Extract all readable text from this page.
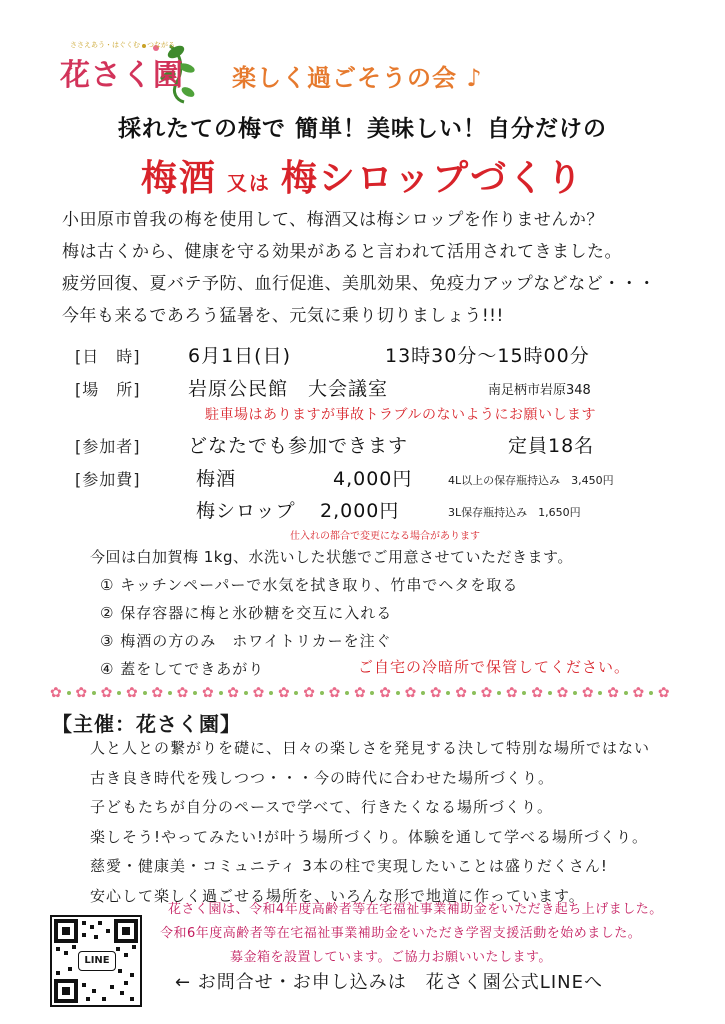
ささえあう・はぐくむ・つながる
花さく園 楽しく過ごそうの会 ♪
採れたての梅で 簡単！美味しい！自分だけの
梅酒 又は 梅シロップづくり
小田原市曽我の梅を使用して、梅酒又は梅シロップを作りませんか？
梅は古くから、健康を守る効果があると言われて活用されてきました。
疲労回復、夏バテ予防、血行促進、美肌効果、免疫力アップなどなど・・・
今年も来るであろう猛暑を、元気に乗り切りましょう!!!
[日　時]	6月1日(日)	13時30分～15時00分
[場　所]	岩原公民館　大会議室	南足柄市岩原348
駐車場はありますが事故トラブルのないようにお願いします
[参加者]	どなたでも参加できます	定員18名
[参加費]	梅酒	4,000円	4L以上の保存瓶持込み　3,450円
梅シロップ 2,000円	3L保存瓶持込み　1,650円
仕入れの都合で変更になる場合があります
今回は白加賀梅 1kg、水洗いした状態でご用意させていただきます。
① キッチンペーパーで水気を拭き取り、竹串でヘタを取る
② 保存容器に梅と氷砂糖を交互に入れる
③ 梅酒の方のみ　ホワイトリカーを注ぐ
④ 蓋をしてできあがり	ご自宅の冷暗所で保管してください。
✿ ✿ ✿ ✿ ✿ ✿ ✿ ✿ ✿ ✿ ✿ ✿ ✿ ✿ ✿ ✿ ✿ ✿ ✿ ✿ ✿ ✿ ✿ ✿ ✿
【主催：花さく園】
人と人との繋がりを礎に、日々の楽しさを発見する決して特別な場所ではない
古き良き時代を残しつつ・・・今の時代に合わせた場所づくり。
子どもたちが自分のペースで学べて、行きたくなる場所づくり。
楽しそう!やってみたい!が叶う場所づくり。体験を通して学べる場所づくり。
慈愛・健康美・コミュニティ 3本の柱で実現したいことは盛りだくさん!
安心して楽しく過ごせる場所を、いろんな形で地道に作っています。
花さく園は、令和4年度高齢者等在宅福祉事業補助金をいただき起ち上げました。
令和6年度高齢者等在宅福祉事業補助金をいただき学習支援活動を始めました。
募金箱を設置しています。ご協力お願いいたします。
LINE
← お問合せ・お申し込みは　花さく園公式LINEへ
